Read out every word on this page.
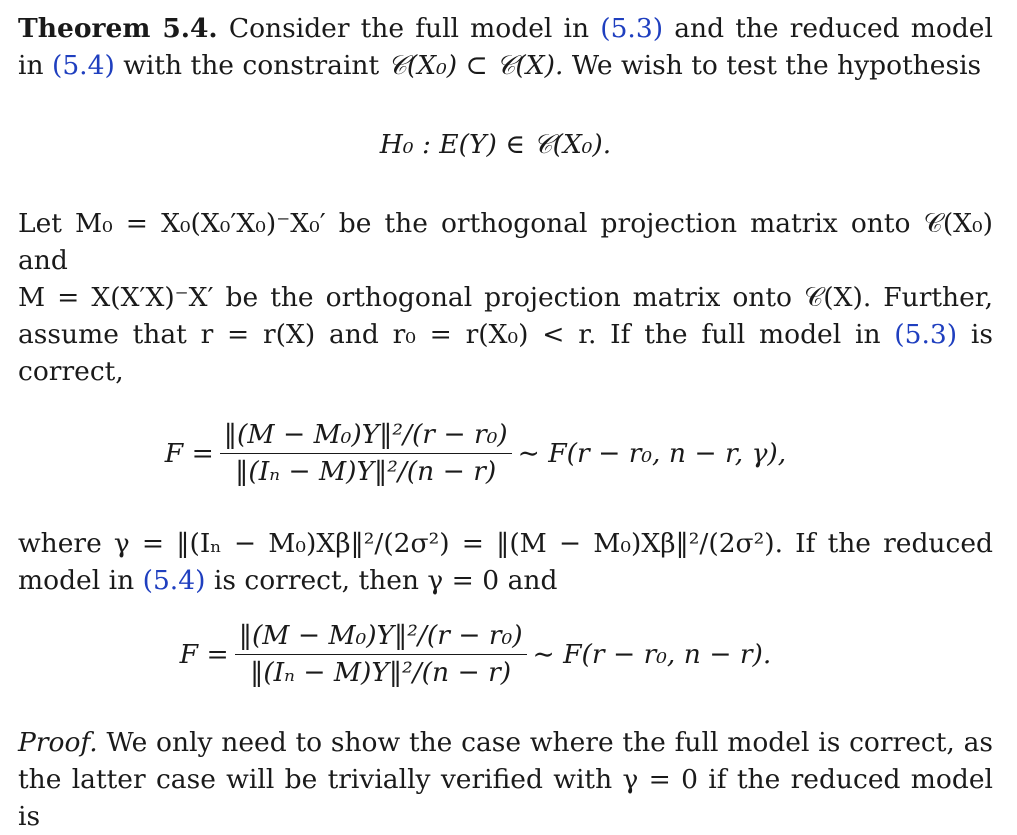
Theorem 5.4. Consider the full model in (5.3) and the reduced model in (5.4) with the constraint 𝒞(X₀) ⊂ 𝒞(X). We wish to test the hypothesis

H₀ : E(Y) ∈ 𝒞(X₀).
Let M₀ = X₀(X₀′X₀)⁻X₀′ be the orthogonal projection matrix onto 𝒞(X₀) and
M = X(X′X)⁻X′ be the orthogonal projection matrix onto 𝒞(X). Further,
assume that r = r(X) and r₀ = r(X₀) < r. If the full model in (5.3) is
correct,
$F = \frac{\text{‖(M − M₀)Y‖²/(r − r₀)}}{\text{‖(Iₙ − M)Y‖²/(n − r)}}$ ∼ F(r − r₀, n − r, γ),
where γ = ‖(Iₙ − M₀)Xβ‖²/(2σ²) = ‖(M − M₀)Xβ‖²/(2σ²). If the reduced
model in (5.4) is correct, then γ = 0 and
$F = \frac{\text{‖(M − M₀)Y‖²/(r − r₀)}}{\text{‖(Iₙ − M)Y‖²/(n − r)}}$ ∼ F(r − r₀, n − r).
Proof. We only need to show the case where the full model is correct, as
the latter case will be trivially verified with γ = 0 if the reduced model is
